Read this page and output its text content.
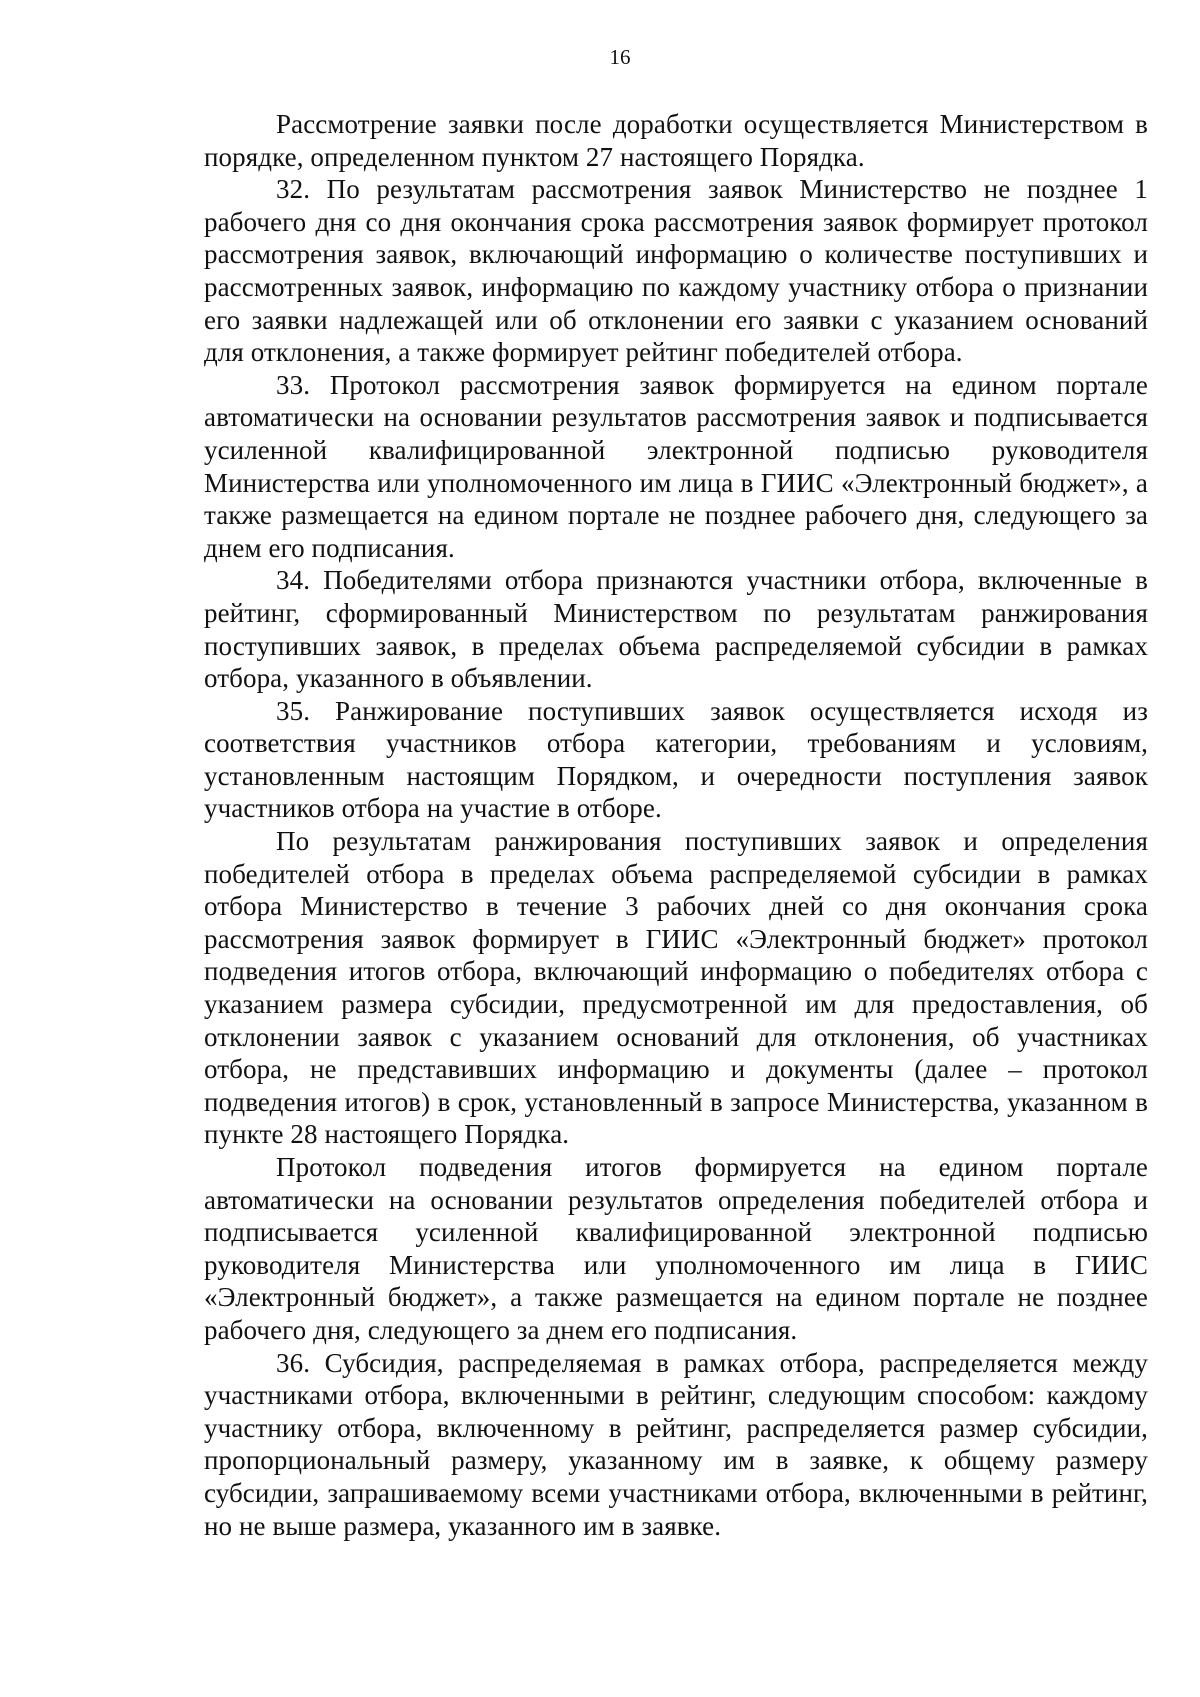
16

Рассмотрение заявки после доработки осуществляется Министерством в порядке, определенном пунктом 27 настоящего Порядка.

32. По результатам рассмотрения заявок Министерство не позднее 1 рабочего дня со дня окончания срока рассмотрения заявок формирует протокол рассмотрения заявок, включающий информацию о количестве поступивших и рассмотренных заявок, информацию по каждому участнику отбора о признании его заявки надлежащей или об отклонении его заявки с указанием оснований для отклонения, а также формирует рейтинг победителей отбора.

33. Протокол рассмотрения заявок формируется на едином портале автоматически на основании результатов рассмотрения заявок и подписывается усиленной квалифицированной электронной подписью руководителя Министерства или уполномоченного им лица в ГИИС «Электронный бюджет», а также размещается на едином портале не позднее рабочего дня, следующего за днем его подписания.

34. Победителями отбора признаются участники отбора, включенные в рейтинг, сформированный Министерством по результатам ранжирования поступивших заявок, в пределах объема распределяемой субсидии в рамках отбора, указанного в объявлении.

35. Ранжирование поступивших заявок осуществляется исходя из соответствия участников отбора категории, требованиям и условиям, установленным настоящим Порядком, и очередности поступления заявок участников отбора на участие в отборе.

По результатам ранжирования поступивших заявок и определения победителей отбора в пределах объема распределяемой субсидии в рамках отбора Министерство в течение 3 рабочих дней со дня окончания срока рассмотрения заявок формирует в ГИИС «Электронный бюджет» протокол подведения итогов отбора, включающий информацию о победителях отбора с указанием размера субсидии, предусмотренной им для предоставления, об отклонении заявок с указанием оснований для отклонения, об участниках отбора, не представивших информацию и документы (далее – протокол подведения итогов) в срок, установленный в запросе Министерства, указанном в пункте 28 настоящего Порядка.

Протокол подведения итогов формируется на едином портале автоматически на основании результатов определения победителей отбора и подписывается усиленной квалифицированной электронной подписью руководителя Министерства или уполномоченного им лица в ГИИС «Электронный бюджет», а также размещается на едином портале не позднее рабочего дня, следующего за днем его подписания.

36. Субсидия, распределяемая в рамках отбора, распределяется между участниками отбора, включенными в рейтинг, следующим способом: каждому участнику отбора, включенному в рейтинг, распределяется размер субсидии, пропорциональный размеру, указанному им в заявке, к общему размеру субсидии, запрашиваемому всеми участниками отбора, включенными в рейтинг, но не выше размера, указанного им в заявке.
